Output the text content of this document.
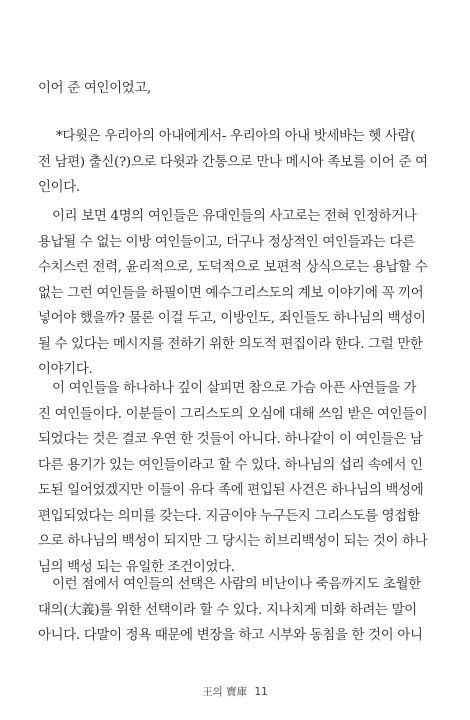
이어 준 여인이었고,

*다윗은 우리아의 아내에게서- 우리아의 아내 밧세바는 헷 사람(
전 남편) 출신(?)으로 다윗과 간통으로 만나 메시아 족보를 이어 준 여
인이다.

이리 보면 4명의 여인들은 유대인들의 사고로는 전혀 인정하거나
용납될 수 없는 이방 여인들이고, 더구나 정상적인 여인들과는 다른
수치스런 전력, 윤리적으로, 도덕적으로 보편적 상식으로는 용납할 수
없는 그런 여인들을 하필이면 예수그리스도의 계보 이야기에 꼭 끼어
넣어야 했을까? 물론 이걸 두고, 이방인도, 죄인들도 하나님의 백성이
될 수 있다는 메시지를 전하기 위한 의도적 편집이라 한다. 그럴 만한
이야기다.

이 여인들을 하나하나 깊이 살피면 참으로 가슴 아픈 사연들을 가
진 여인들이다. 이분들이 그리스도의 오심에 대해 쓰임 받은 여인들이
되었다는 것은 결코 우연 한 것들이 아니다. 하나같이 이 여인들은 남
다른 용기가 있는 여인들이라고 할 수 있다. 하나님의 섭리 속에서 인
도된 일어었겠지만 이들이 유다 족에 편입된 사건은 하나님의 백성에
편입되었다는 의미를 갖는다. 지금이야 누구든지 그리스도를 영접함
으로 하나님의 백성이 되지만 그 당시는 히브리백성이 되는 것이 하나
님의 백성 되는 유일한 조건이었다.

이런 점에서 여인들의 선택은 사람의 비난이나 죽음까지도 초월한
대의(大義)를 위한 선택이라 할 수 있다. 지나치게 미화 하려는 말이
아니다. 다말이 정욕 때문에 변장을 하고 시부와 동침을 한 것이 아니

王의 寶庫 11
